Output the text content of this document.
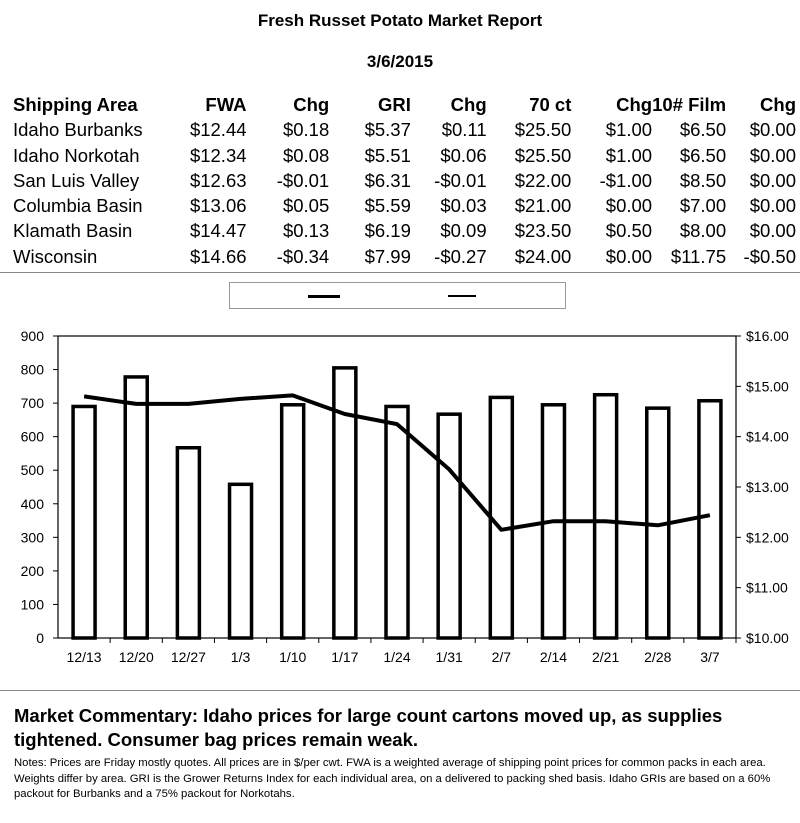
Fresh Russet Potato Market Report
3/6/2015
Shipping Area	FWA	Chg	GRI	Chg	70 ct	Chg	10# Film	Chg
Idaho Burbanks	$12.44	$0.18	$5.37	$0.11	$25.50	$1.00	$6.50	$0.00
Idaho Norkotah	$12.34	$0.08	$5.51	$0.06	$25.50	$1.00	$6.50	$0.00
San Luis Valley	$12.63	-$0.01	$6.31	-$0.01	$22.00	-$1.00	$8.50	$0.00
Columbia Basin	$13.06	$0.05	$5.59	$0.03	$21.00	$0.00	$7.00	$0.00
Klamath Basin	$14.47	$0.13	$6.19	$0.09	$23.50	$0.50	$8.00	$0.00
Wisconsin	$14.66	-$0.34	$7.99	-$0.27	$24.00	$0.00	$11.75	-$0.50
0
100
200
300
400
500
600
700
800
900
$10.00
$11.00
$12.00
$13.00
$14.00
$15.00
$16.00
12/13 12/20 12/27 1/3 1/10 1/17 1/24 1/31 2/7 2/14 2/21 2/28 3/7
Market Commentary: Idaho prices for large count cartons moved up, as supplies tightened. Consumer bag prices remain weak.
Notes: Prices are Friday mostly quotes. All prices are in $/per cwt. FWA is a weighted average of shipping point prices for common packs in each area. Weights differ by area. GRI is the Grower Returns Index for each individual area, on a delivered to packing shed basis. Idaho GRIs are based on a 60% packout for Burbanks and a 75% packout for Norkotahs.
